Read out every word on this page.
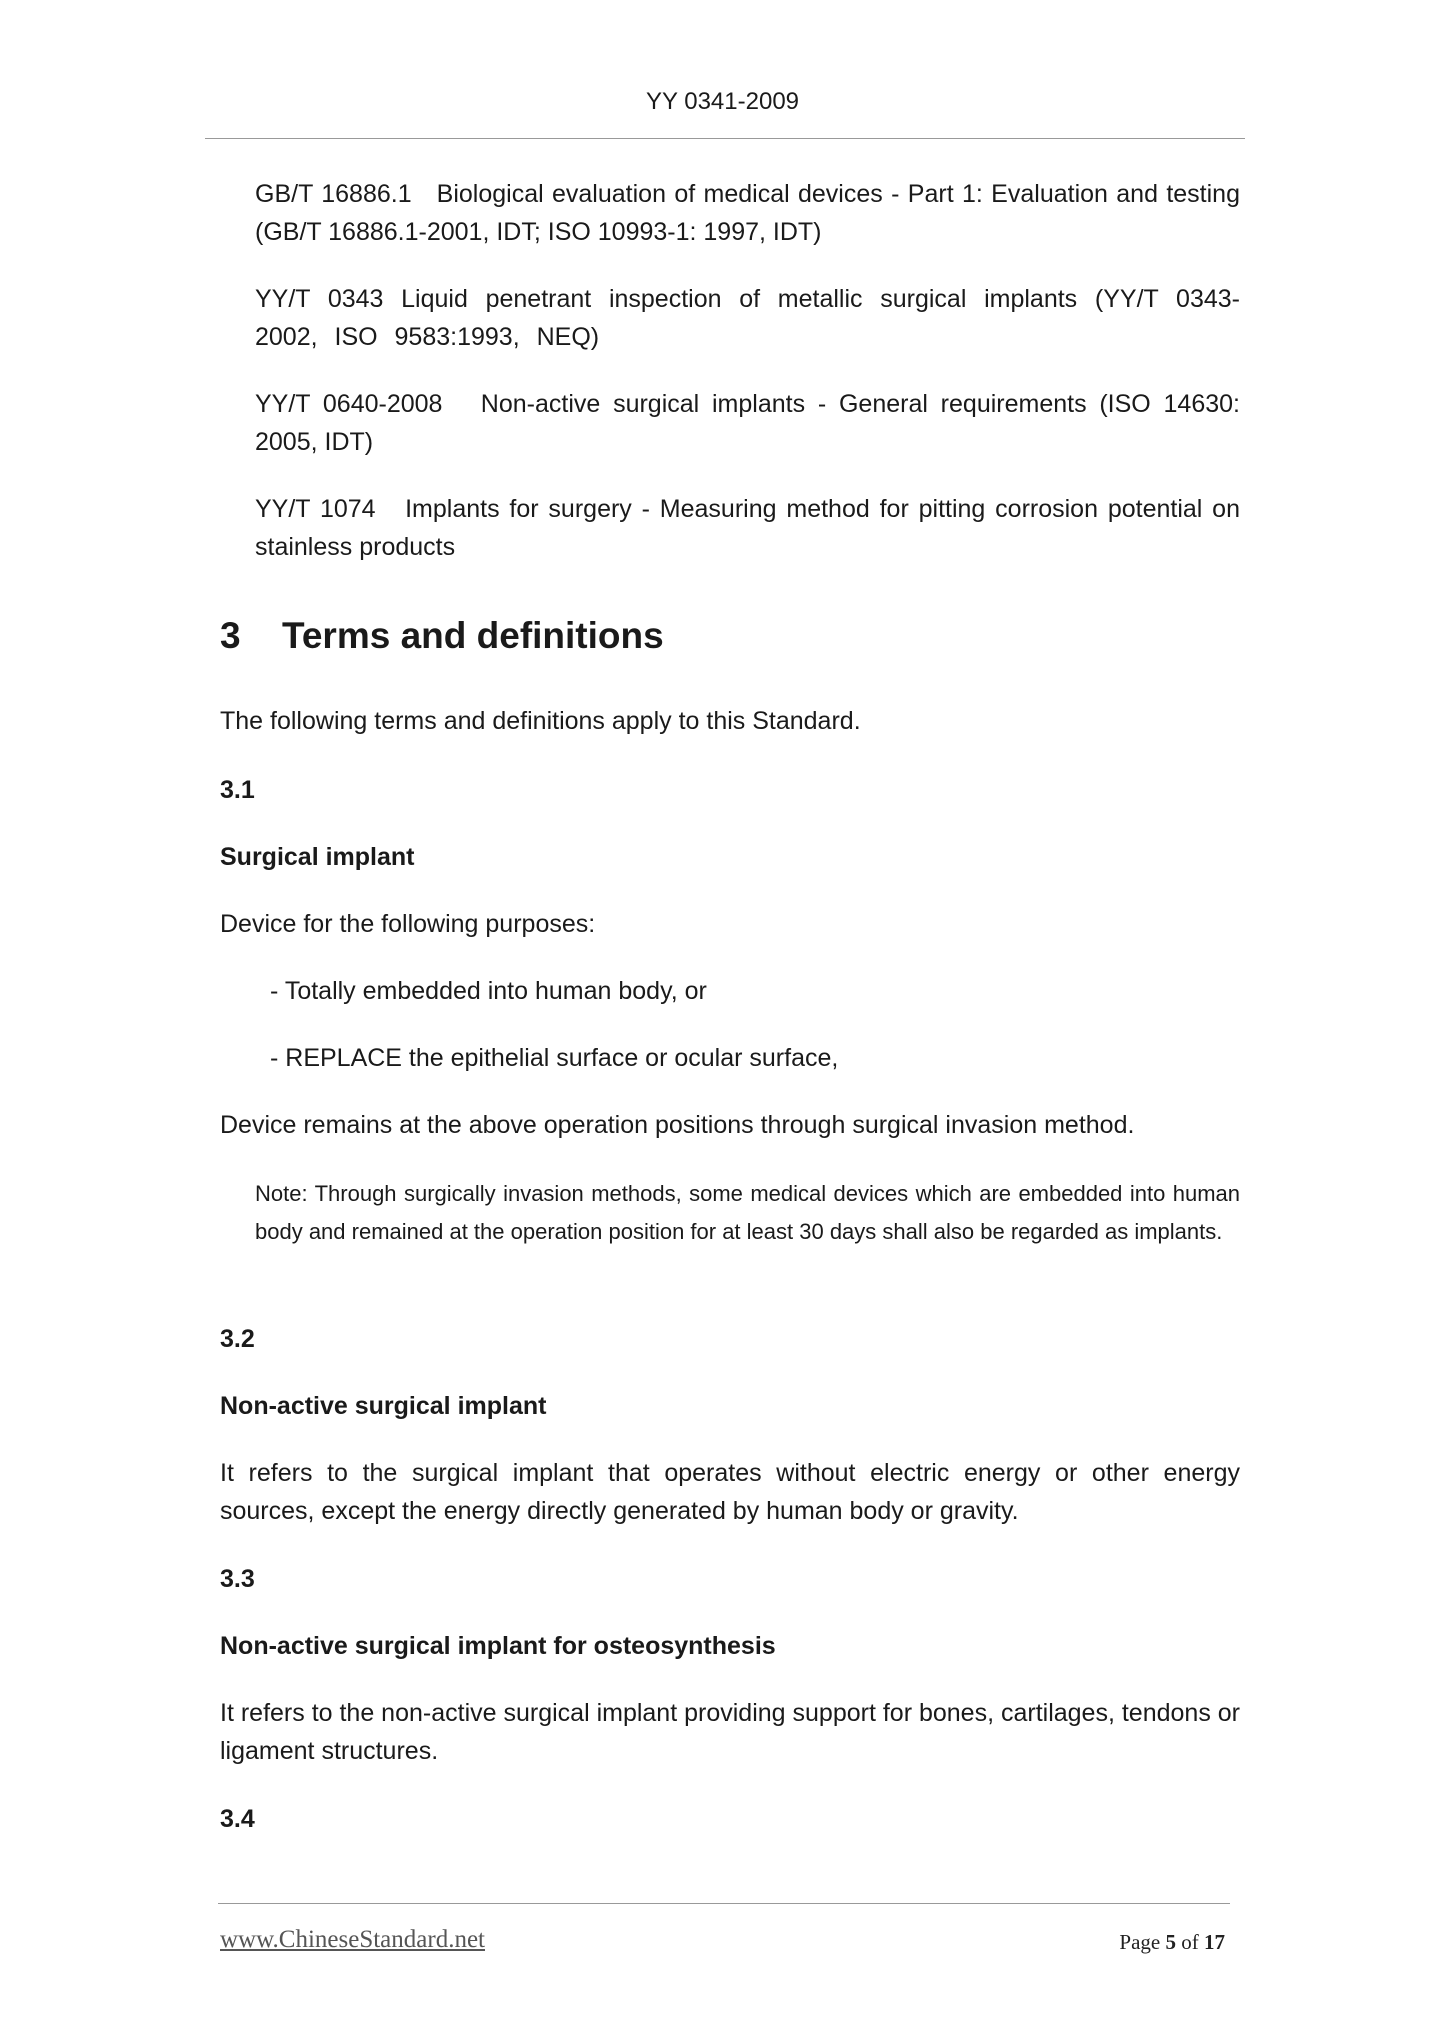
YY 0341-2009
GB/T 16886.1   Biological evaluation of medical devices - Part 1: Evaluation and testing (GB/T 16886.1-2001, IDT; ISO 10993-1: 1997, IDT)
YY/T 0343 Liquid penetrant inspection of metallic surgical implants (YY/T 0343-2002, ISO 9583:1993, NEQ)
YY/T 0640-2008   Non-active surgical implants - General requirements (ISO 14630: 2005, IDT)
YY/T 1074   Implants for surgery - Measuring method for pitting corrosion potential on stainless products
3 Terms and definitions
The following terms and definitions apply to this Standard.
3.1
Surgical implant
Device for the following purposes:
- Totally embedded into human body, or
- REPLACE the epithelial surface or ocular surface,
Device remains at the above operation positions through surgical invasion method.
Note: Through surgically invasion methods, some medical devices which are embedded into human body and remained at the operation position for at least 30 days shall also be regarded as implants.
3.2
Non-active surgical implant
It refers to the surgical implant that operates without electric energy or other energy sources, except the energy directly generated by human body or gravity.
3.3
Non-active surgical implant for osteosynthesis
It refers to the non-active surgical implant providing support for bones, cartilages, tendons or ligament structures.
3.4
www.ChineseStandard.net	Page 5 of 17
